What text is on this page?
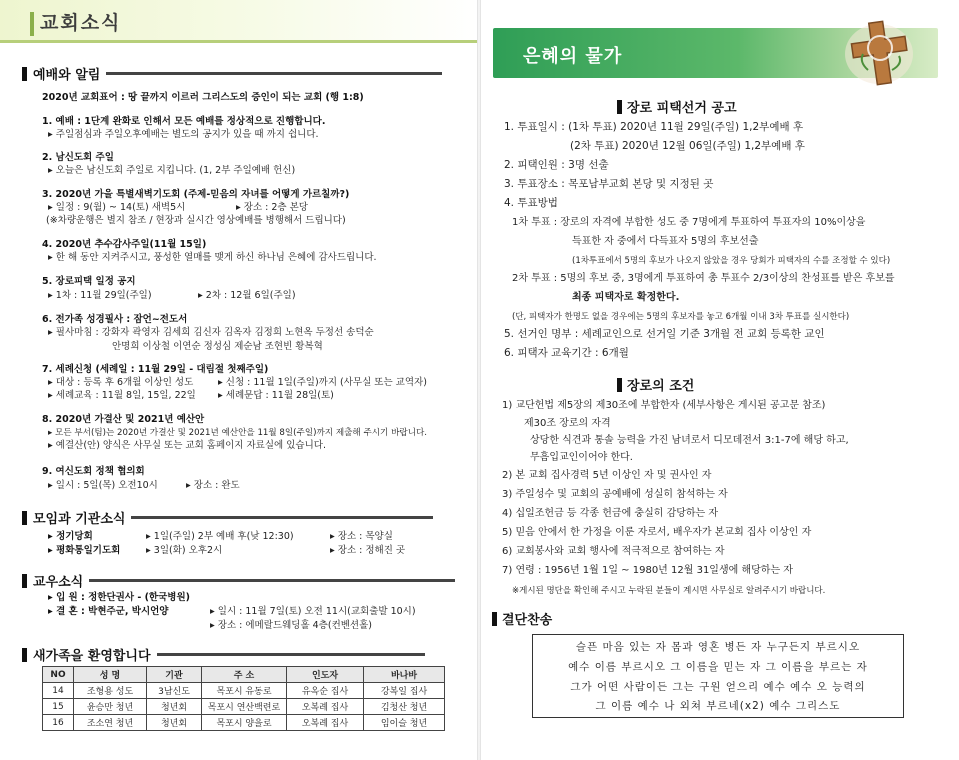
교회소식
예배와 알림
2020년 교회표어 : 땅 끝까지 이르러 그리스도의 증인이 되는 교회 (행 1:8)
1. 예배 : 1단계 완화로 인해서 모든 예배를 정상적으로 진행합니다.
▸ 주일점심과 주일오후예배는 별도의 공지가 있을 때 까지 쉽니다.
2. 남신도회 주일
▸ 오늘은 남신도회 주일로 지킵니다. (1, 2부 주일예배 헌신)
3. 2020년 가을 특별새벽기도회 (주제-믿음의 자녀를 어떻게 가르칠까?)
▸ 일정 : 9(월) ~ 14(토) 새벽5시	▸ 장소 : 2층 본당
(※차량운행은 별지 참조 / 현장과 실시간 영상예배를 병행해서 드립니다)
4. 2020년 추수감사주일(11월 15일)
▸ 한 해 동안 지켜주시고, 풍성한 열매를 맺게 하신 하나님 은혜에 감사드립니다.
5. 장로피택 일정 공지
▸ 1차 : 11월 29일(주일)	▸ 2차 : 12월 6일(주일)
6. 전가족 성경필사 : 잠언~전도서
▸ 필사마침 : 강화자 곽영자 김세희 김신자 김옥자 김정희 노현옥 두정선 송덕순
안명희 이상철 이연순 정성심 제순남 조현빈 황복혁
7. 세례신청 (세례일 : 11월 29일 - 대림절 첫째주일)
▸ 대상 : 등록 후 6개월 이상인 성도	▸ 신청 : 11월 1일(주일)까지 (사무실 또는 교역자)
▸ 세례교육 : 11월 8일, 15일, 22일 ▸ 세례문답 : 11월 28일(토)
8. 2020년 가결산 및 2021년 예산안
▸ 모든 부서(팀)는 2020년 가결산 및 2021년 예산안을 11월 8일(주일)까지 제출해 주시기 바랍니다.
▸ 예결산(안) 양식은 사무실 또는 교회 홈페이지 자료실에 있습니다.
9. 여신도회 정책 협의회
▸ 일시 : 5일(목) 오전10시	▸ 장소 : 완도
모임과 기관소식
▸ 정기당회	▸ 1일(주일) 2부 예배 후(낮 12:30)	▸ 장소 : 목양실
▸ 평화통일기도회	▸ 3일(화) 오후2시	▸ 장소 : 정해진 곳
교우소식
▸ 입 원 : 정한단권사 - (한국병원)
▸ 결 혼 : 박현주군, 박시언양	▸ 일시 : 11월 7일(토) 오전 11시(교회출발 10시)
▸ 장소 : 에메랄드웨딩홀 4층(컨벤션홀)
새가족을 환영합니다
NO	성 명	기관	주 소	인도자	바나바
14	조형용 성도	3남신도	목포시 유동로	유옥순 집사	강복일 집사
15	윤승만 청년	청년회	목포시 연산백련로	오복례 집사	김청산 청년
16	조소연 청년	청년회	목포시 양을로	오복례 집사	임이슬 청년
은혜의 물가
장로 피택선거 공고
1. 투표일시 : (1차 투표) 2020년 11월 29일(주일) 1,2부예배 후
(2차 투표) 2020년 12월 06일(주일) 1,2부예배 후
2. 피택인원 : 3명 선출
3. 투표장소 : 목포남부교회 본당 및 지정된 곳
4. 투표방법
1차 투표 : 장로의 자격에 부합한 성도 중 7명에게 투표하여 투표자의 10%이상을
득표한 자 중에서 다득표자 5명의 후보선출
(1차투표에서 5명의 후보가 나오지 않았을 경우 당회가 피택자의 수를 조정할 수 있다)
2차 투표 : 5명의 후보 중, 3명에게 투표하여 총 투표수 2/3이상의 찬성표를 받은 후보를
최종 피택자로 확정한다.
(단, 피택자가 한명도 없을 경우에는 5명의 후보자를 놓고 6개월 이내 3차 투표를 실시한다)
5. 선거인 명부 : 세례교인으로 선거일 기준 3개월 전 교회 등록한 교인
6. 피택자 교육기간 : 6개월
장로의 조건
1) 교단헌법 제5장의 제30조에 부합한자 (세부사항은 게시된 공고문 참조)
제30조 장로의 자격
상당한 식견과 통솔 능력을 가진 남녀로서 디모데전서 3:1-7에 해당 하고,
무흠입교인이어야 한다.
2) 본 교회 집사경력 5년 이상인 자 및 권사인 자
3) 주일성수 및 교회의 공예배에 성실히 참석하는 자
4) 십일조헌금 등 각종 헌금에 충실히 감당하는 자
5) 믿음 안에서 한 가정을 이룬 자로서, 배우자가 본교회 집사 이상인 자
6) 교회봉사와 교회 행사에 적극적으로 참여하는 자
7) 연령 : 1956년 1월 1일 ~ 1980년 12월 31일생에 해당하는 자
※게시된 명단을 확인해 주시고 누락된 분들이 계시면 사무실로 알려주시기 바랍니다.
결단찬송
슬픈 마음 있는 자 몸과 영혼 병든 자 누구든지 부르시오
예수 이름 부르시오 그 이름을 믿는 자 그 이름을 부르는 자
그가 어떤 사람이든 그는 구원 얻으리 예수 예수 오 능력의
그 이름 예수 나 외쳐 부르네(x2) 예수 그리스도
